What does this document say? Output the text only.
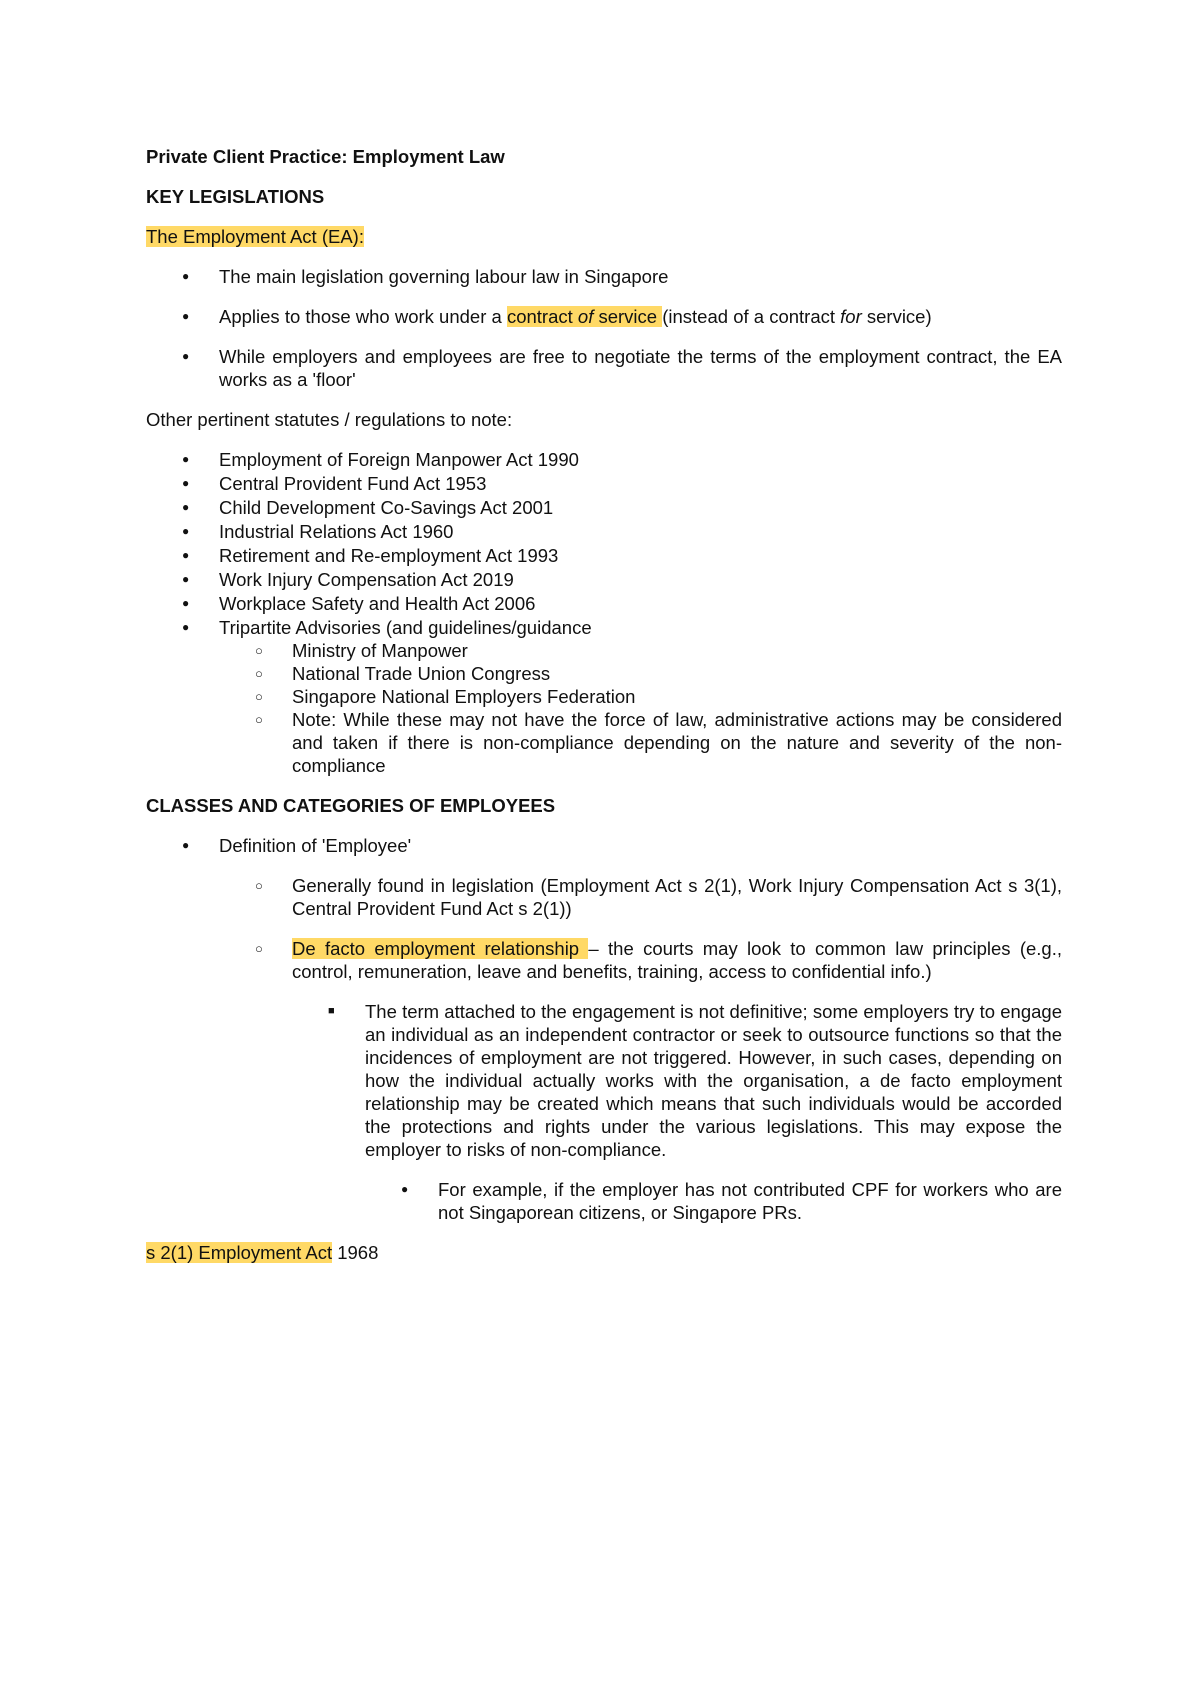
Private Client Practice: Employment Law

KEY LEGISLATIONS

The Employment Act (EA):

● The main legislation governing labour law in Singapore
● Applies to those who work under a contract of service (instead of a contract for service)
● While employers and employees are free to negotiate the terms of the employment contract, the EA works as a 'floor'

Other pertinent statutes / regulations to note:

● Employment of Foreign Manpower Act 1990
● Central Provident Fund Act 1953
● Child Development Co-Savings Act 2001
● Industrial Relations Act 1960
● Retirement and Re-employment Act 1993
● Work Injury Compensation Act 2019
● Workplace Safety and Health Act 2006
● Tripartite Advisories (and guidelines/guidance
○ Ministry of Manpower
○ National Trade Union Congress
○ Singapore National Employers Federation
○ Note: While these may not have the force of law, administrative actions may be considered and taken if there is non-compliance depending on the nature and severity of the non-compliance

CLASSES AND CATEGORIES OF EMPLOYEES

● Definition of 'Employee'

○ Generally found in legislation (Employment Act s 2(1), Work Injury Compensation Act s 3(1), Central Provident Fund Act s 2(1))
○ De facto employment relationship – the courts may look to common law principles (e.g., control, remuneration, leave and benefits, training, access to confidential info.)
■ The term attached to the engagement is not definitive; some employers try to engage an individual as an independent contractor or seek to outsource functions so that the incidences of employment are not triggered. However, in such cases, depending on how the individual actually works with the organisation, a de facto employment relationship may be created which means that such individuals would be accorded the protections and rights under the various legislations. This may expose the employer to risks of non-compliance.
● For example, if the employer has not contributed CPF for workers who are not Singaporean citizens, or Singapore PRs.

s 2(1) Employment Act 1968
